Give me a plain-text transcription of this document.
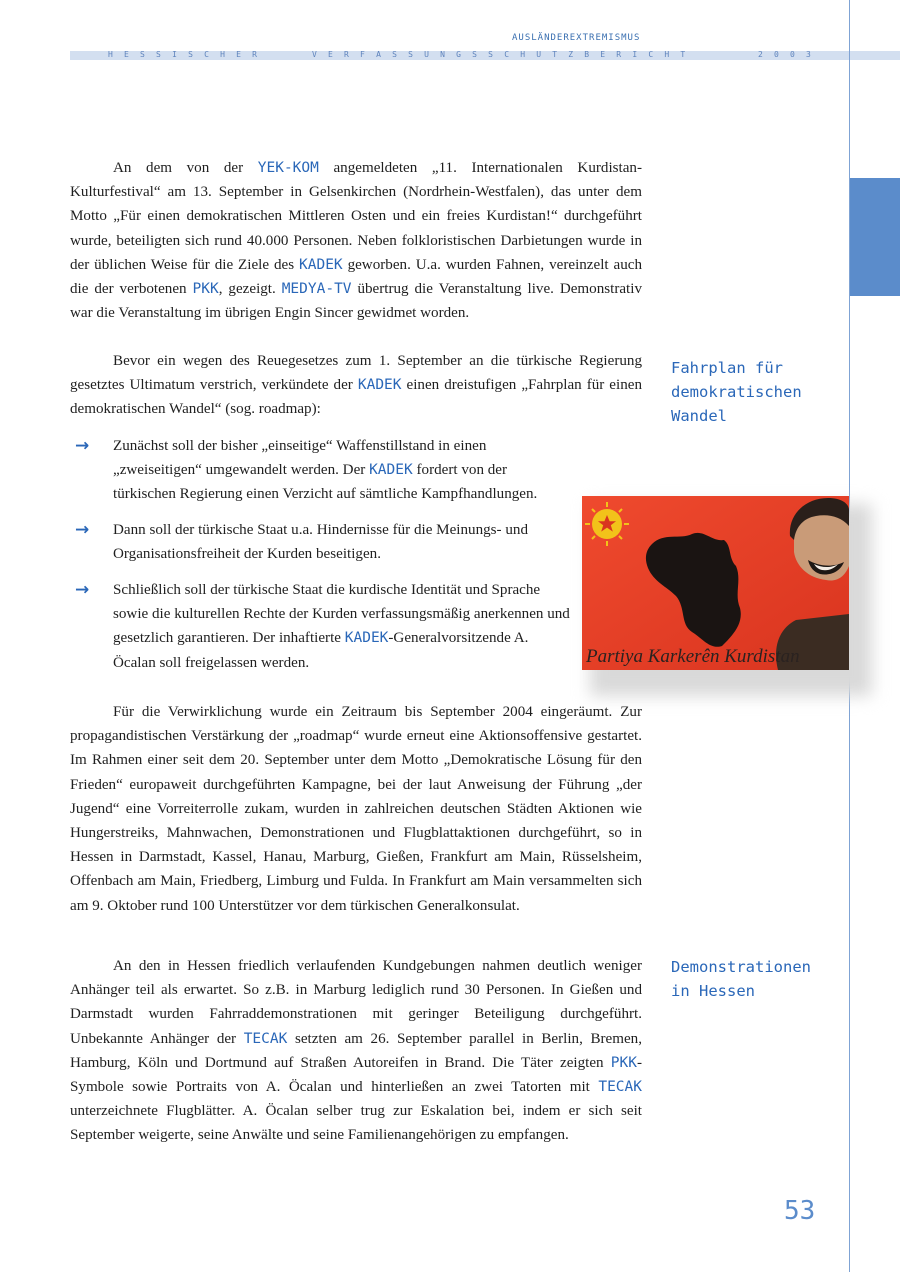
AUSLÄNDEREXTREMISMUS
HESSISCHER	VERFASSUNGSSCHUTZBERICHT	2003

An dem von der YEK-KOM angemeldeten „11. Internationalen Kurdistan-Kulturfestival“ am 13. September in Gelsenkirchen (Nordrhein-Westfalen), das unter dem Motto „Für einen demokratischen Mittleren Osten und ein freies Kurdistan!“ durchgeführt wurde, beteiligten sich rund 40.000 Personen. Neben folkloristischen Darbietungen wurde in der üblichen Weise für die Ziele des KADEK geworben. U.a. wurden Fahnen, vereinzelt auch die der verbotenen PKK, gezeigt. MEDYA-TV übertrug die Veranstaltung live. Demonstrativ war die Veranstaltung im übrigen Engin Sincer gewidmet worden.

Bevor ein wegen des Reuegesetzes zum 1. September an die türkische Regierung gesetztes Ultimatum verstrich, verkündete der KADEK einen dreistufigen „Fahrplan für einen demokratischen Wandel“ (sog. roadmap):

→ Zunächst soll der bisher „einseitige“ Waffenstillstand in einen „zweiseitigen“ umgewandelt werden. Der KADEK fordert von der türkischen Regierung einen Verzicht auf sämtliche Kampfhandlungen.
→ Dann soll der türkische Staat u.a. Hindernisse für die Meinungs- und Organisationsfreiheit der Kurden beseitigen.
→ Schließlich soll der türkische Staat die kurdische Identität und Sprache sowie die kulturellen Rechte der Kurden verfassungsmäßig anerkennen und gesetzlich garantieren. Der inhaftierte KADEK-Generalvorsitzende A. Öcalan soll freigelassen werden.

Für die Verwirklichung wurde ein Zeitraum bis September 2004 eingeräumt. Zur propagandistischen Verstärkung der „roadmap“ wurde erneut eine Aktionsoffensive gestartet. Im Rahmen einer seit dem 20. September unter dem Motto „Demokratische Lösung für den Frieden“ europaweit durchgeführten Kampagne, bei der laut Anweisung der Führung „der Jugend“ eine Vorreiterrolle zukam, wurden in zahlreichen deutschen Städten Aktionen wie Hungerstreiks, Mahnwachen, Demonstrationen und Flugblattaktionen durchgeführt, so in Hessen in Darmstadt, Kassel, Hanau, Marburg, Gießen, Frankfurt am Main, Rüsselsheim, Offenbach am Main, Friedberg, Limburg und Fulda. In Frankfurt am Main versammelten sich am 9. Oktober rund 100 Unterstützer vor dem türkischen Generalkonsulat.

An den in Hessen friedlich verlaufenden Kundgebungen nahmen deutlich weniger Anhänger teil als erwartet. So z.B. in Marburg lediglich rund 30 Personen. In Gießen und Darmstadt wurden Fahrraddemonstrationen mit geringer Beteiligung durchgeführt. Unbekannte Anhänger der TECAK setzten am 26. September parallel in Berlin, Bremen, Hamburg, Köln und Dortmund auf Straßen Autoreifen in Brand. Die Täter zeigten PKK-Symbole sowie Portraits von A. Öcalan und hinterließen an zwei Tatorten mit TECAK unterzeichnete Flugblätter. A. Öcalan selber trug zur Eskalation bei, indem er sich seit September weigerte, seine Anwälte und seine Familienangehörigen zu empfangen.

Fahrplan für
demokratischen
Wandel
Demonstrationen
in Hessen
Partiya Karkerên Kurdistan
53
